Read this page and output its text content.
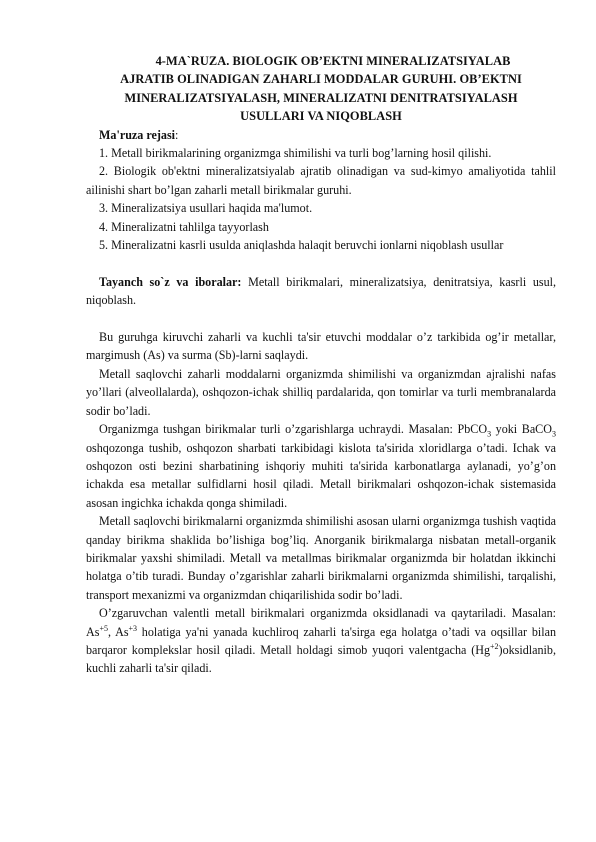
4-MA`RUZA. BIOLOGIK OB’EKTNI MINERALIZATSIYALAB
AJRATIB OLINADIGAN ZAHARLI MODDALAR GURUHI. OB’EKTNI
MINERALIZATSIYALASH, MINERALIZATNI DENITRATSIYALASH
USULLARI VA NIQOBLASH

Ma'ruza rejasi:

1. Metall birikmalarining organizmga shimilishi va turli bog’larning hosil qilishi.

2. Biologik ob'ektni mineralizatsiyalab ajratib olinadigan va sud-kimyo amaliyotida tahlil ailinishi shart bo’lgan zaharli metall birikmalar guruhi.

3. Mineralizatsiya usullari haqida ma'lumot.

4. Mineralizatni tahlilga tayyorlash

5. Mineralizatni kasrli usulda aniqlashda halaqit beruvchi ionlarni niqoblash usullar

Tayanch so`z va iboralar: Metall birikmalari, mineralizatsiya, denitratsiya, kasrli usul, niqoblash.

Bu guruhga kiruvchi zaharli va kuchli ta'sir etuvchi moddalar o’z tarkibida og’ir metallar, margimush (As) va surma (Sb)-larni saqlaydi.

Metall saqlovchi zaharli moddalarni organizmda shimilishi va organizmdan ajralishi nafas yo’llari (alveollalarda), oshqozon-ichak shilliq pardalarida, qon tomirlar va turli membranalarda sodir bo’ladi.

Organizmga tushgan birikmalar turli o’zgarishlarga uchraydi. Masalan: PbCO$_3$ yoki BaCO$_3$ oshqozonga tushib, oshqozon sharbati tarkibidagi kislota ta'sirida xloridlarga o’tadi. Ichak va oshqozon osti bezini sharbatining ishqoriy muhiti ta'sirida karbonatlarga aylanadi, yo’g’on ichakda esa metallar sulfidlarni hosil qiladi. Metall birikmalari oshqozon-ichak sistemasida asosan ingichka ichakda qonga shimiladi.

Metall saqlovchi birikmalarni organizmda shimilishi asosan ularni organizmga tushish vaqtida qanday birikma shaklida bo’lishiga bog’liq. Anorganik birikmalarga nisbatan metall-organik birikmalar yaxshi shimiladi. Metall va metallmas birikmalar organizmda bir holatdan ikkinchi holatga o’tib turadi. Bunday o’zgarishlar zaharli birikmalarni organizmda shimilishi, tarqalishi, transport mexanizmi va organizmdan chiqarilishida sodir bo’ladi.

O’zgaruvchan valentli metall birikmalari organizmda oksidlanadi va qaytariladi. Masalan: $As^{+5}$, $As^{+3}$ holatiga ya'ni yanada kuchliroq zaharli ta'sirga ega holatga o’tadi va oqsillar bilan barqaror komplekslar hosil qiladi. Metall holdagi simob yuqori valentgacha $(Hg^{+2})oksidlanib$, kuchli zaharli ta'sir qiladi.
